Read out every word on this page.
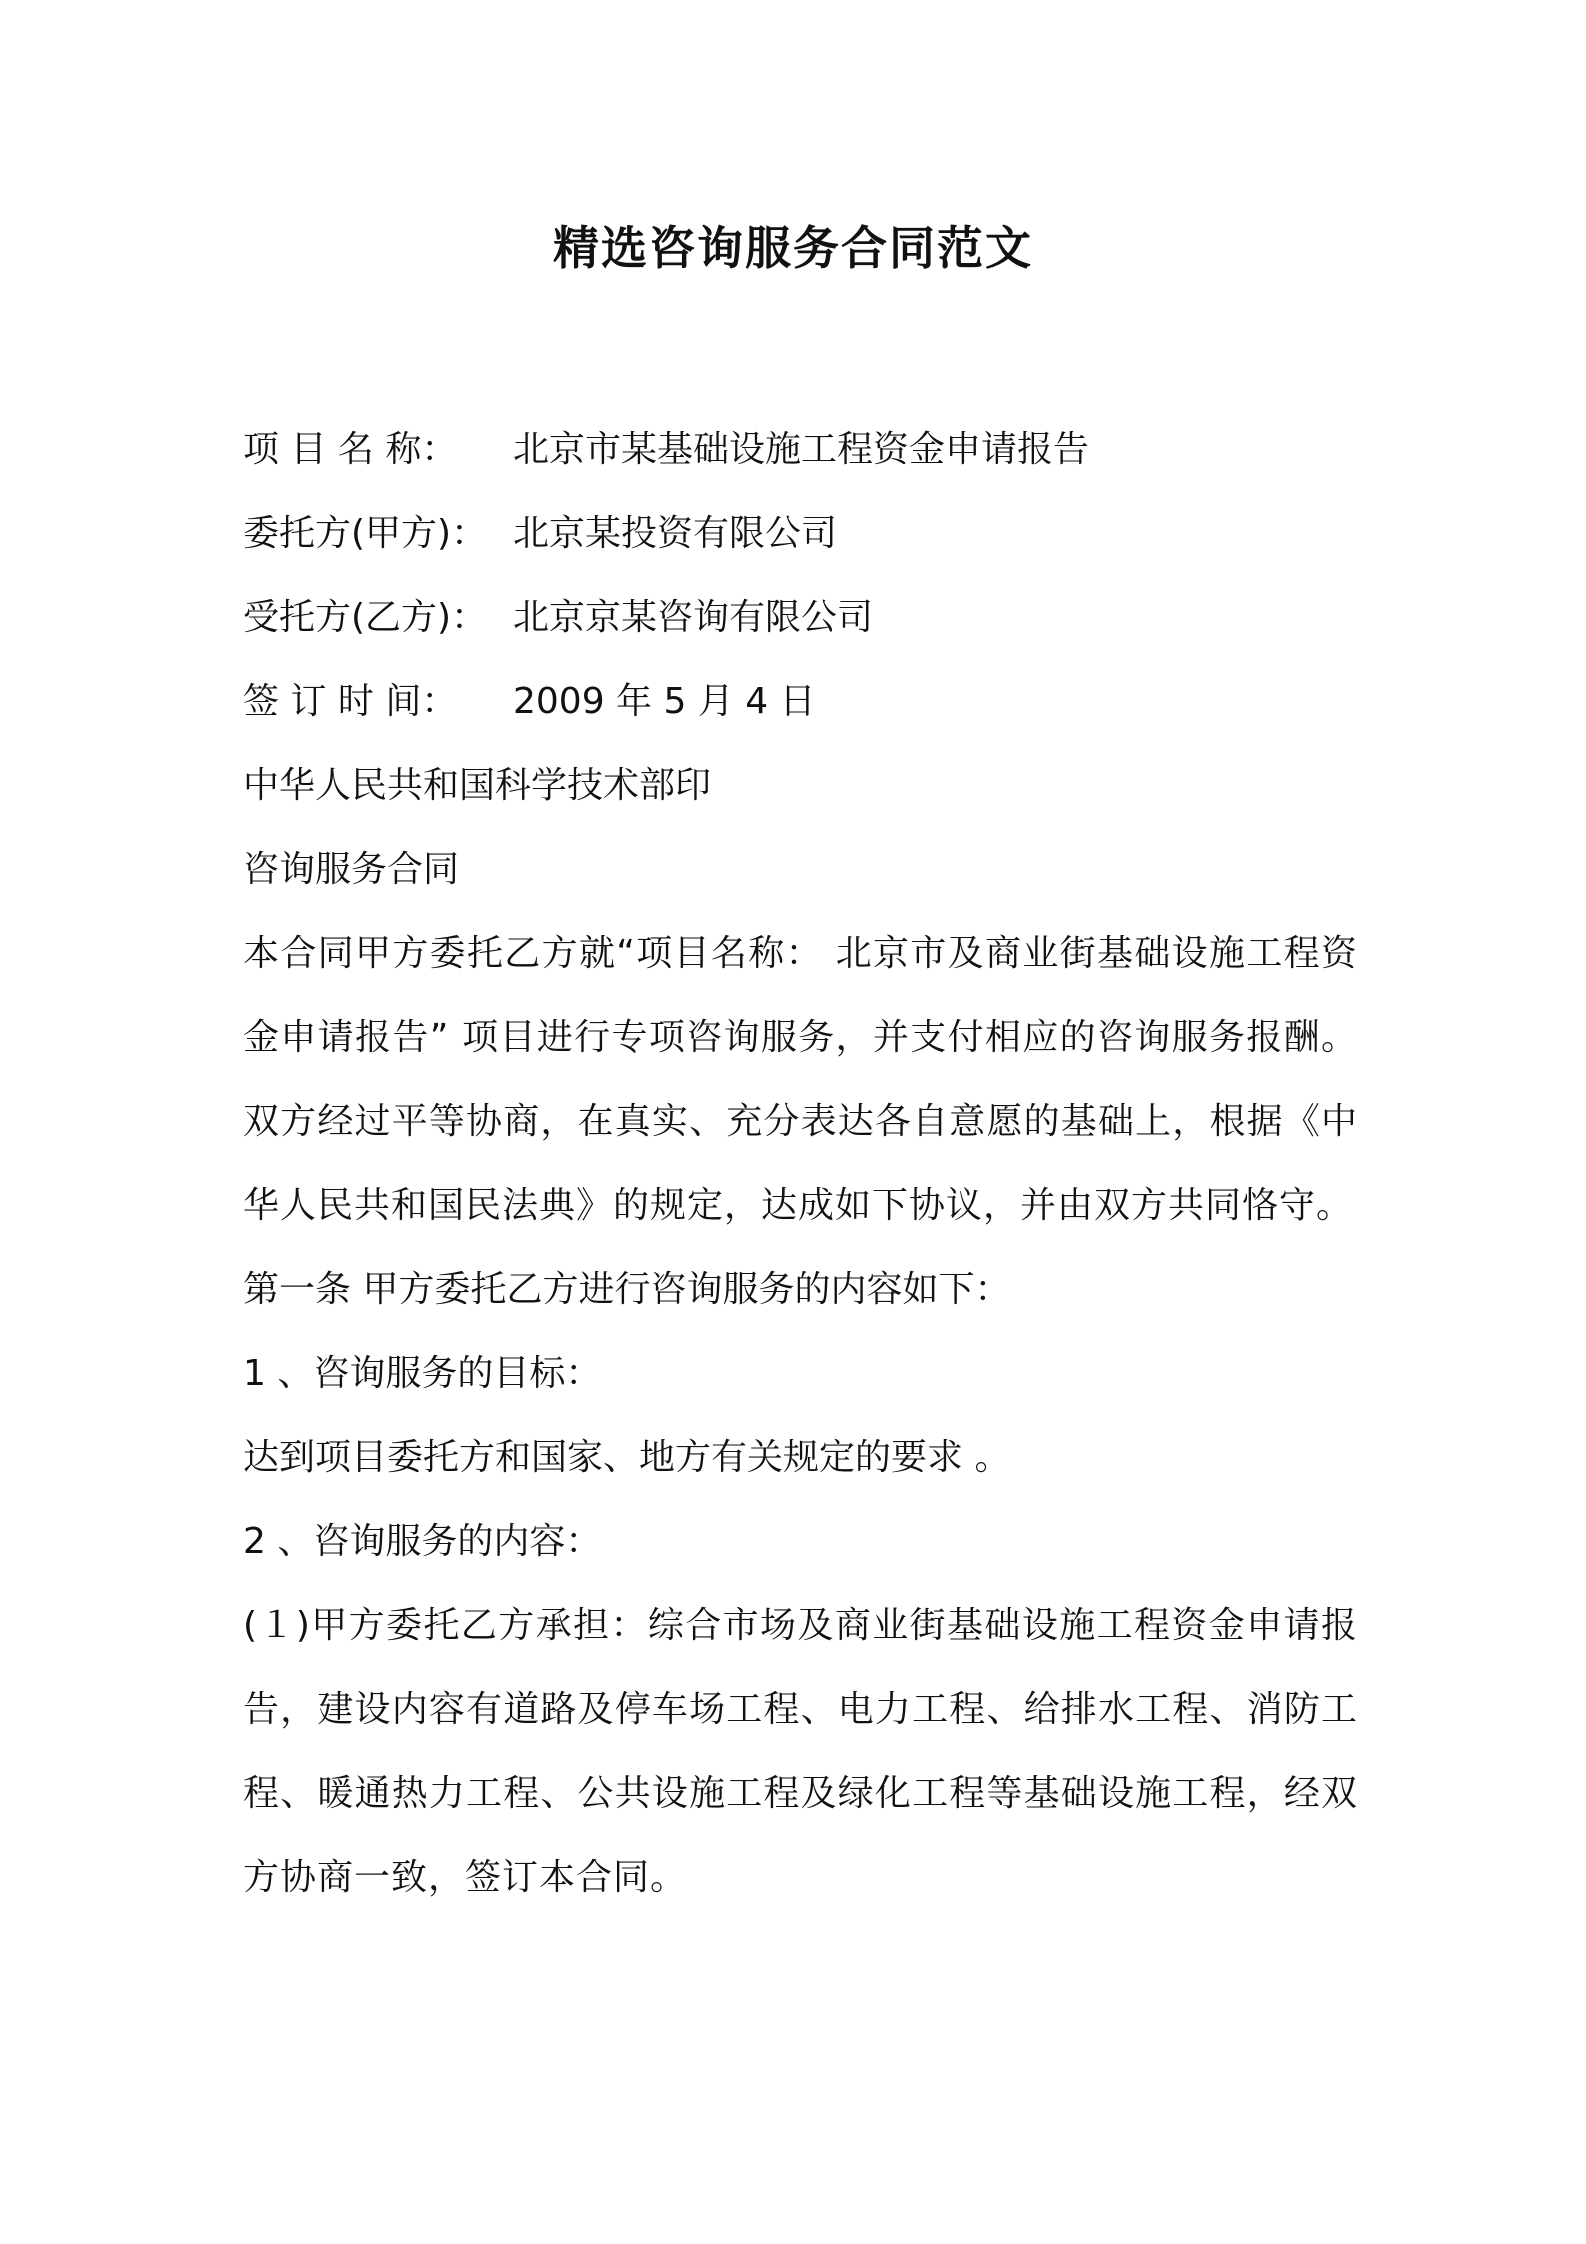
精选咨询服务合同范文
项 目 名 称： 北京市某基础设施工程资金申请报告
委托方(甲方)： 北京某投资有限公司
受托方(乙方)： 北京京某咨询有限公司
签 订 时 间： 2009 年 5 月 4 日
中华人民共和国科学技术部印
咨询服务合同
本合同甲方委托乙方就“项目名称： 北京市及商业街基础设施工程资金申请报告” 项目进行专项咨询服务，并支付相应的咨询服务报酬。双方经过平等协商，在真实、充分表达各自意愿的基础上，根据《中华人民共和国民法典》的规定，达成如下协议，并由双方共同恪守。
第一条 甲方委托乙方进行咨询服务的内容如下：
1 、咨询服务的目标：
达到项目委托方和国家、地方有关规定的要求 。
2 、咨询服务的内容：
(１)甲方委托乙方承担：综合市场及商业街基础设施工程资金申请报告，建设内容有道路及停车场工程、电力工程、给排水工程、消防工程、暖通热力工程、公共设施工程及绿化工程等基础设施工程，经双方协商一致，签订本合同。
